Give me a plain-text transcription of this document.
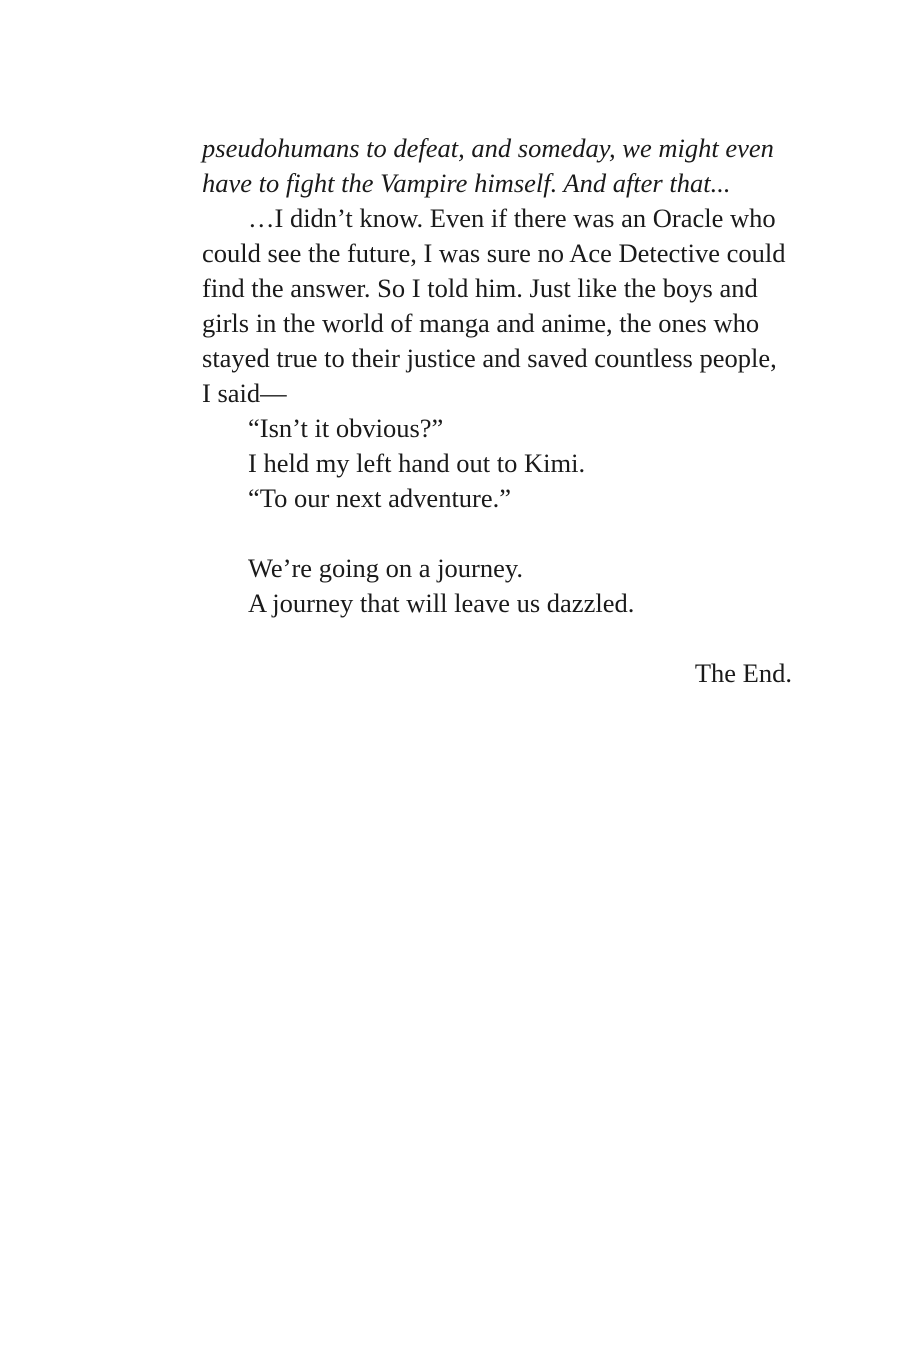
pseudohumans to defeat, and someday, we might even have to fight the Vampire himself. And after that...

…I didn’t know. Even if there was an Oracle who could see the future, I was sure no Ace Detective could find the answer. So I told him. Just like the boys and girls in the world of manga and anime, the ones who stayed true to their justice and saved countless people, I said—

“Isn’t it obvious?”

I held my left hand out to Kimi.

“To our next adventure.”

We’re going on a journey.

A journey that will leave us dazzled.

The End.
